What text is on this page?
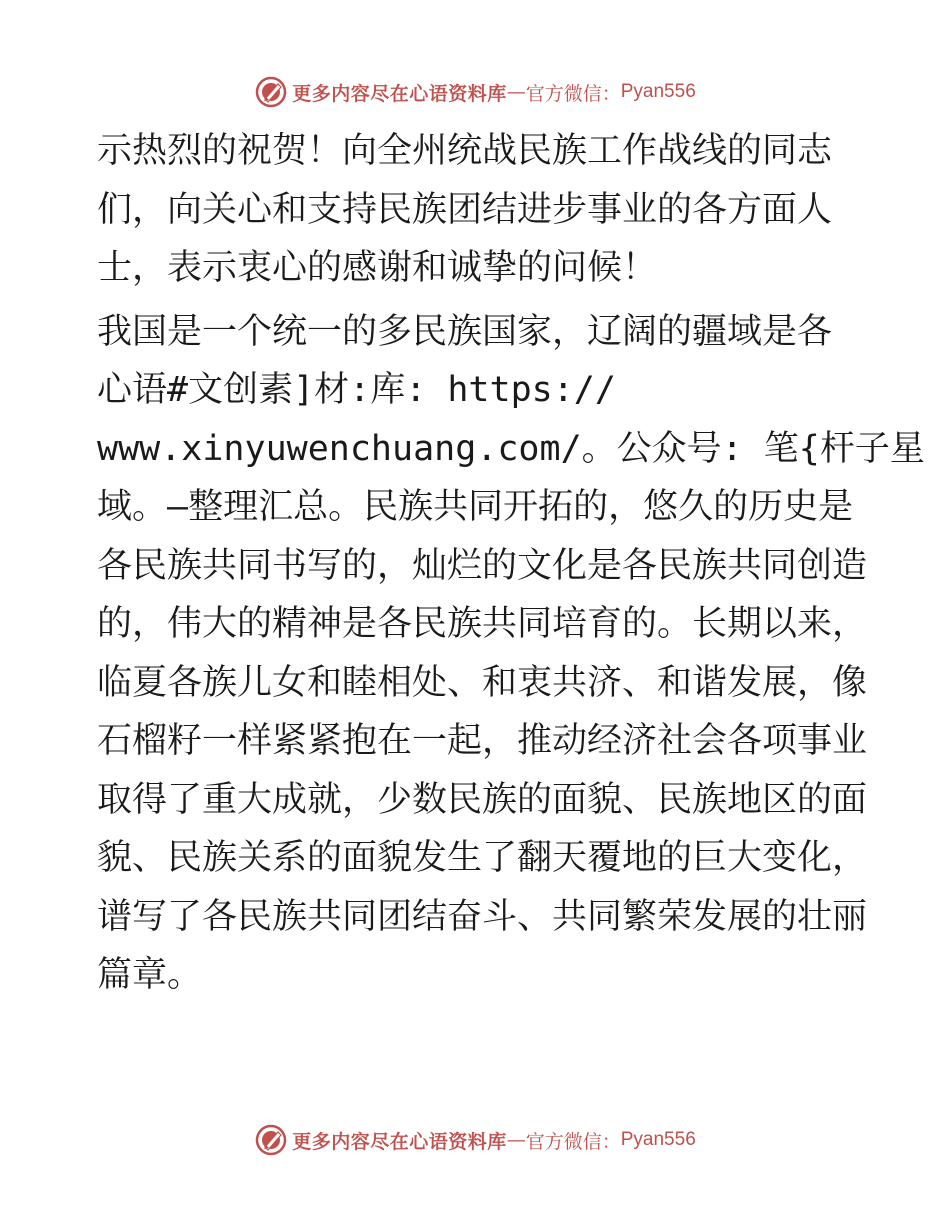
更多内容尽在心语资料库 — 官方微信： Pyan556
示热烈的祝贺！向全州统战民族工作战线的同志
们，向关心和支持民族团结进步事业的各方面人
士，表示衷心的感谢和诚挚的问候！
我国是一个统一的多民族国家，辽阔的疆域是各
心语#文创素]材:库: https://
www.xinyuwenchuang.com/。公众号: 笔{杆子星
域。—整理汇总。民族共同开拓的，悠久的历史是
各民族共同书写的，灿烂的文化是各民族共同创造
的，伟大的精神是各民族共同培育的。长期以来，
临夏各族儿女和睦相处、和衷共济、和谐发展，像
石榴籽一样紧紧抱在一起，推动经济社会各项事业
取得了重大成就，少数民族的面貌、民族地区的面
貌、民族关系的面貌发生了翻天覆地的巨大变化，
谱写了各民族共同团结奋斗、共同繁荣发展的壮丽
篇章。
更多内容尽在心语资料库 — 官方微信： Pyan556
